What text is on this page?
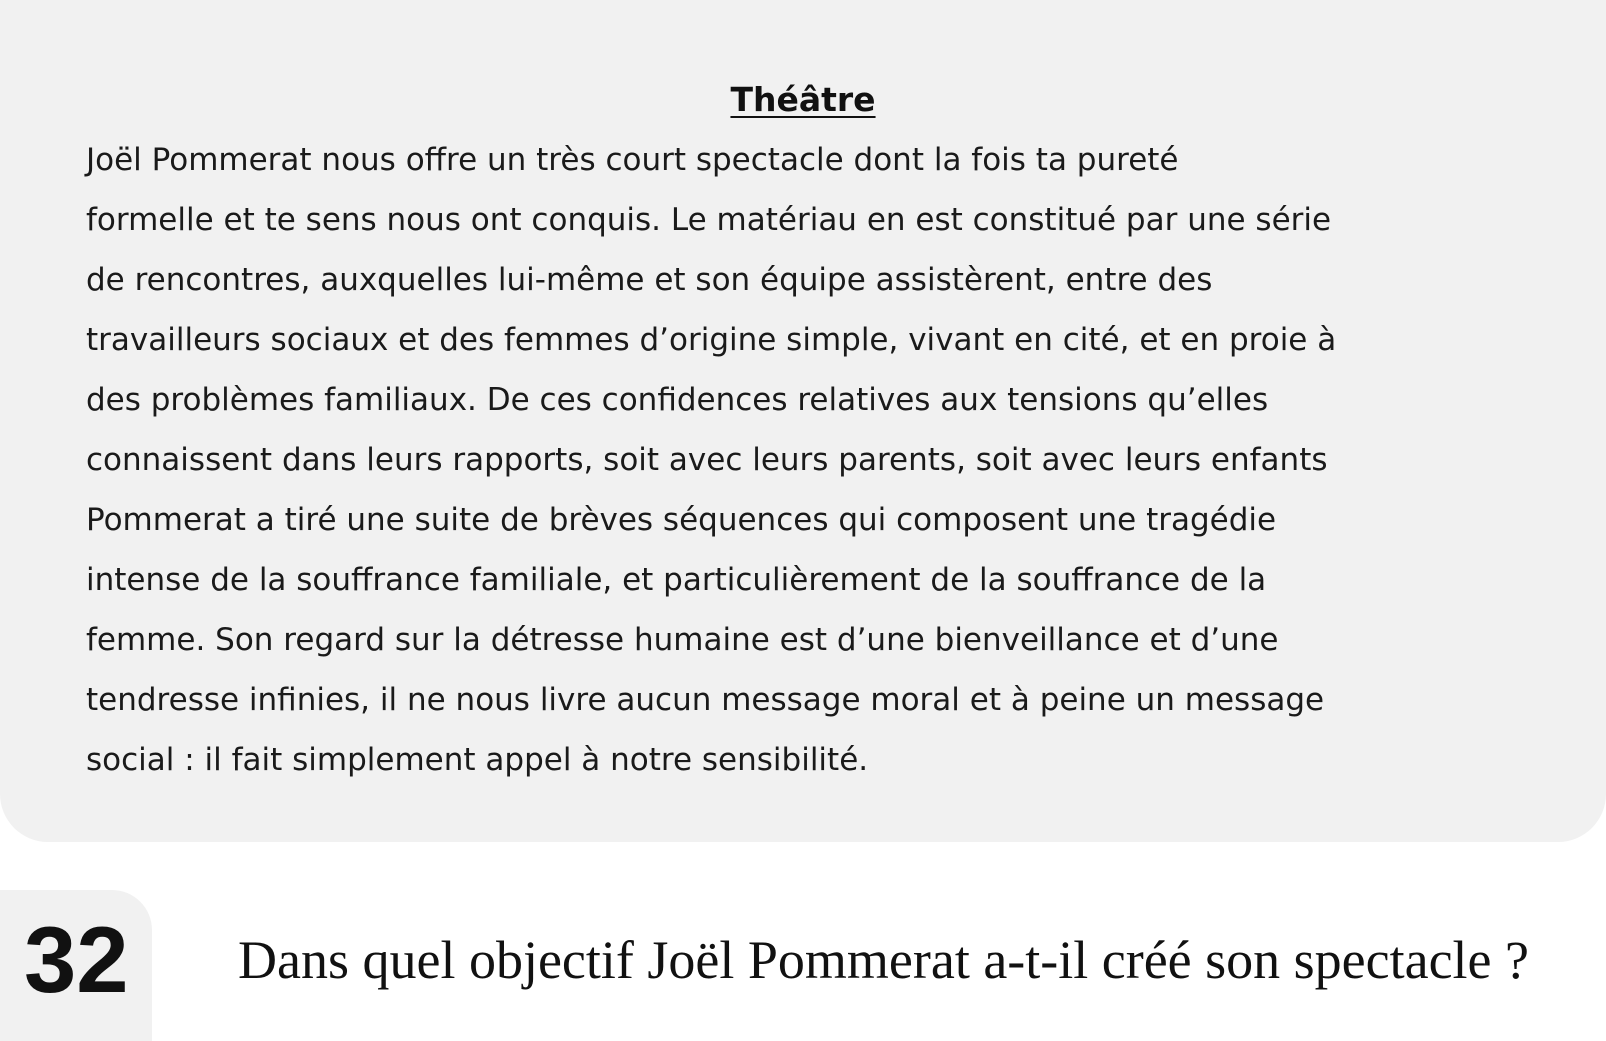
Théâtre
Joël Pommerat nous offre un très court spectacle dont la fois ta pureté
formelle et te sens nous ont conquis. Le matériau en est constitué par une série
de rencontres, auxquelles lui-même et son équipe assistèrent, entre des
travailleurs sociaux et des femmes d’origine simple, vivant en cité, et en proie à
des problèmes familiaux. De ces confidences relatives aux tensions qu’elles
connaissent dans leurs rapports, soit avec leurs parents, soit avec leurs enfants
Pommerat a tiré une suite de brèves séquences qui composent une tragédie
intense de la souffrance familiale, et particulièrement de la souffrance de la
femme. Son regard sur la détresse humaine est d’une bienveillance et d’une
tendresse infinies, il ne nous livre aucun message moral et à peine un message
social : il fait simplement appel à notre sensibilité.
32 Dans quel objectif Joël Pommerat a-t-il créé son spectacle ?
